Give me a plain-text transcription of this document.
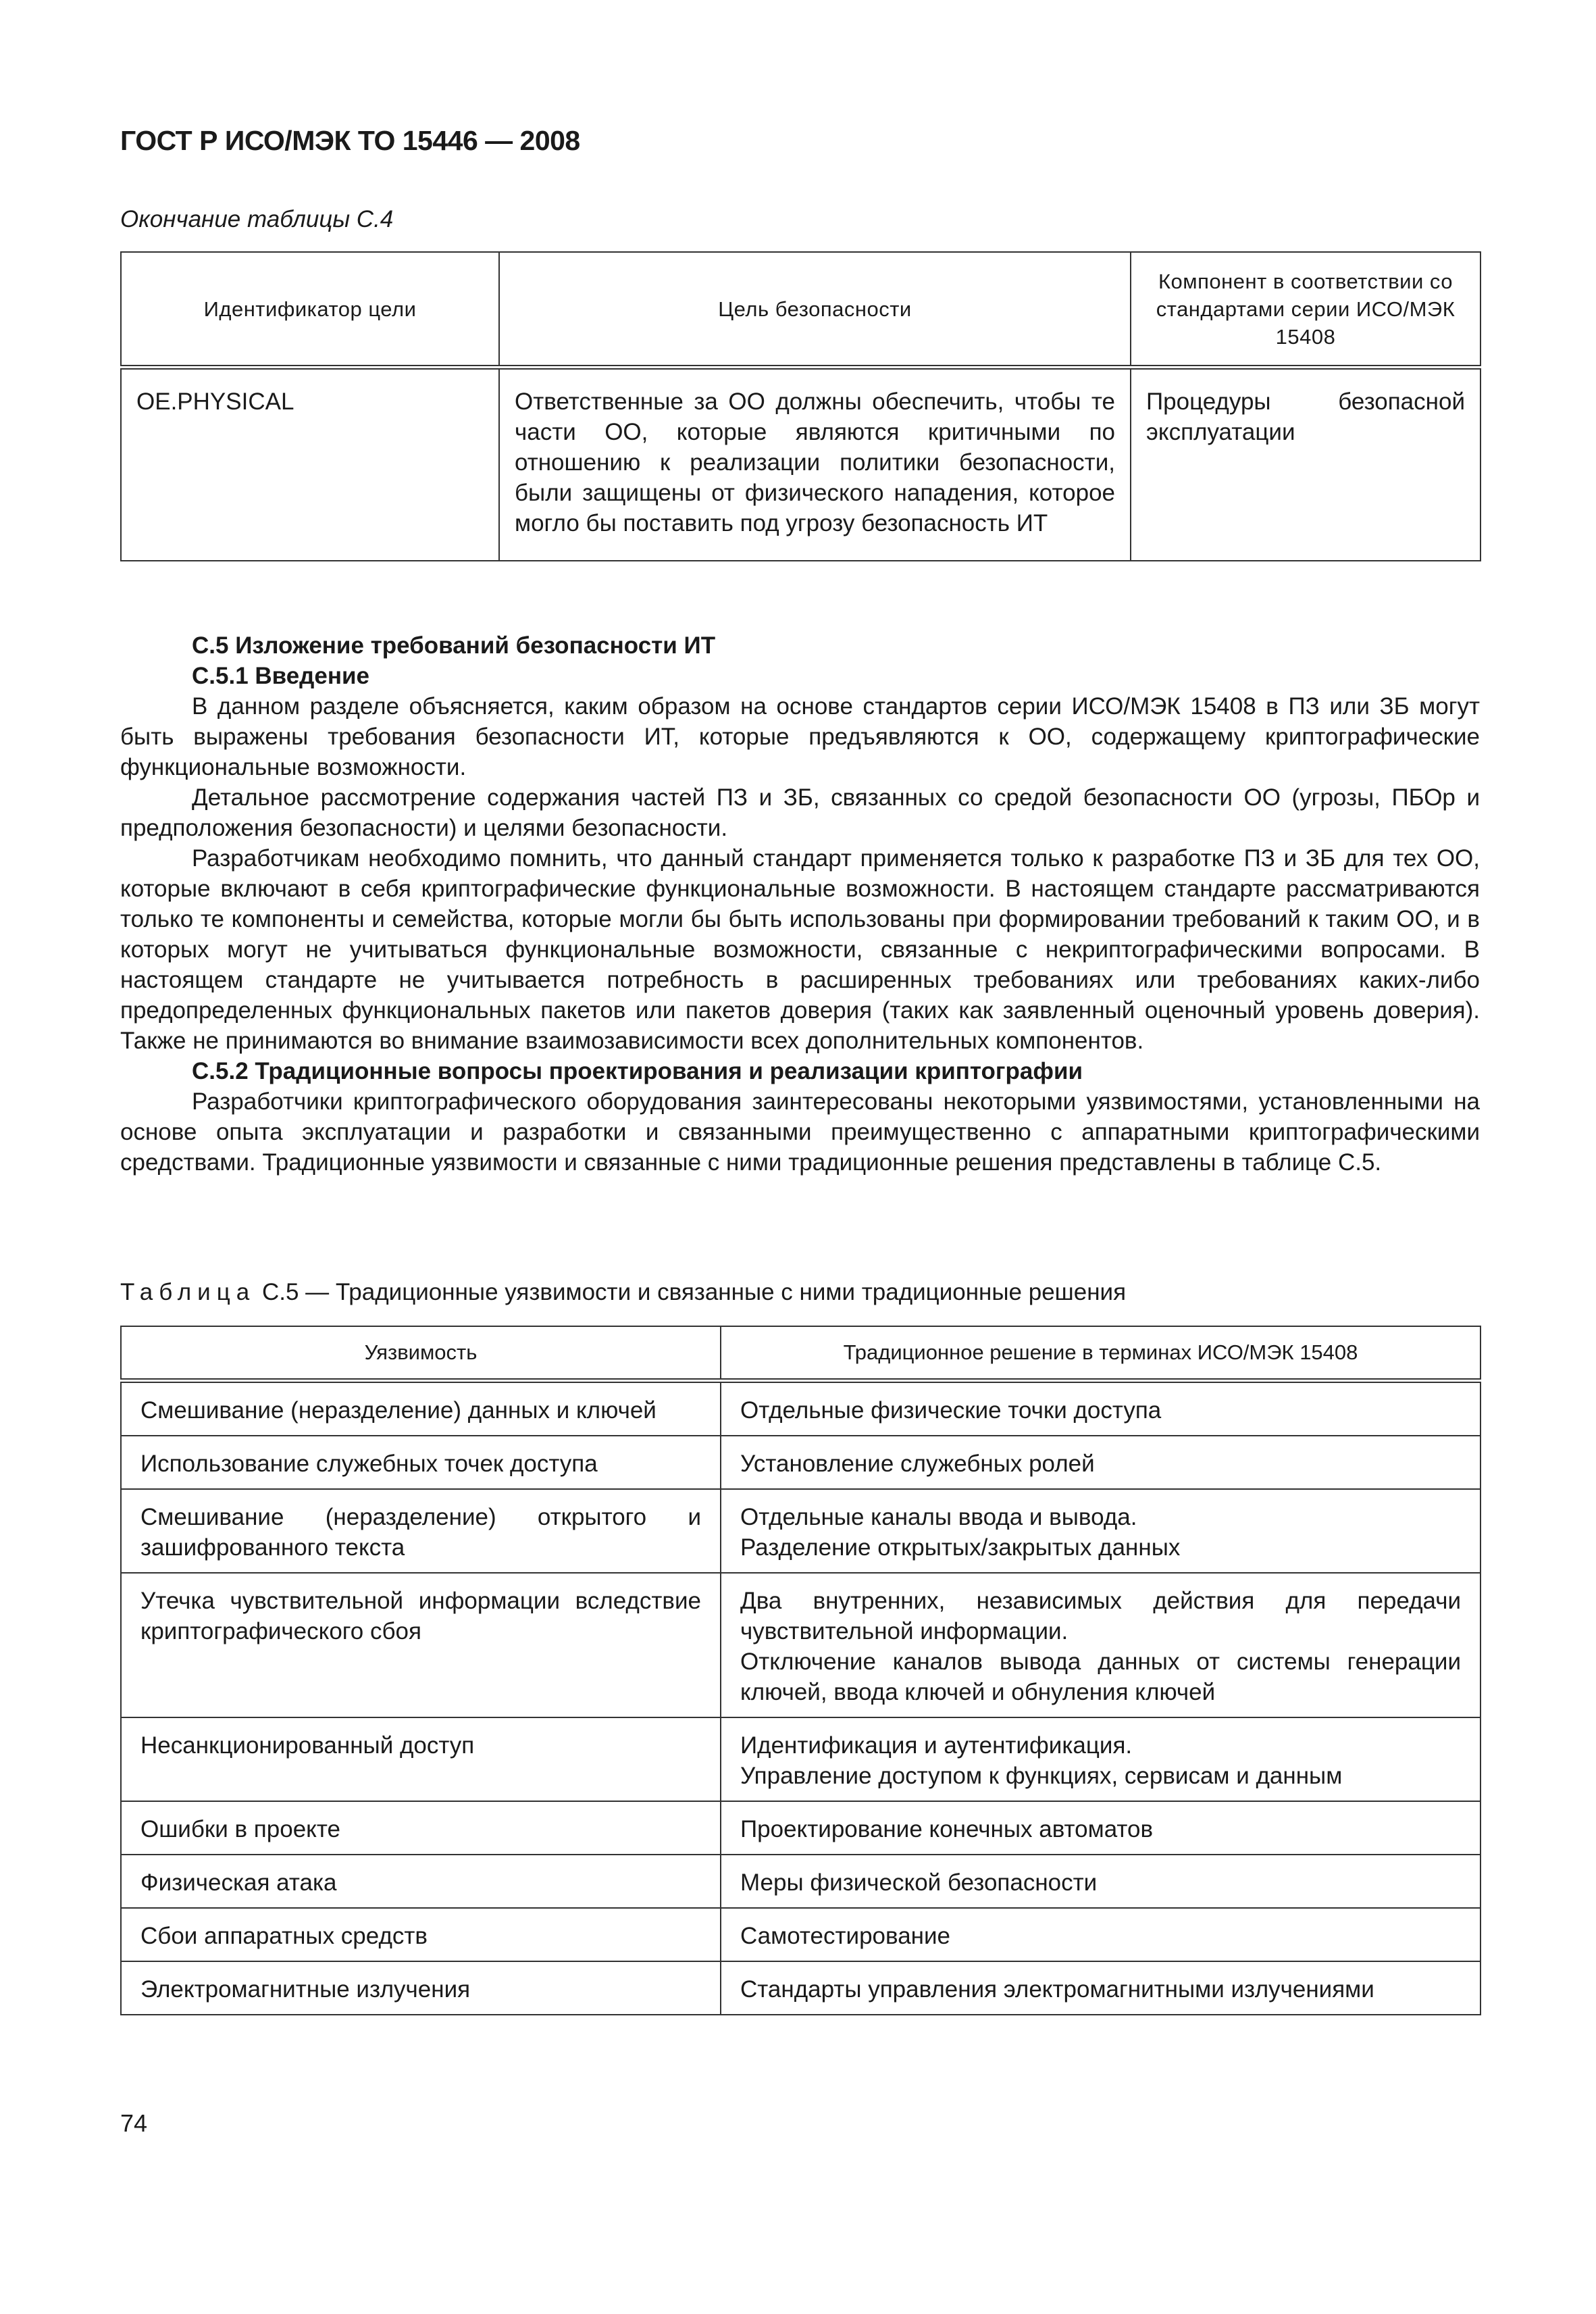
ГОСТ Р ИСО/МЭК ТО 15446 — 2008
Окончание таблицы С.4
Идентификатор цели	Цель безопасности	Компонент в соответствии со стандартами серии ИСО/МЭК 15408
OE.PHYSICAL	Ответственные за ОО должны обеспечить, чтобы те части ОО, которые являются критичными по отношению к реализации политики безопасности, были защищены от физического нападения, которое могло бы поставить под угрозу безопасность ИТ	Процедуры безопасной эксплуатации

С.5 Изложение требований безопасности ИТ

С.5.1 Введение

В данном разделе объясняется, каким образом на основе стандартов серии ИСО/МЭК 15408 в ПЗ или ЗБ могут быть выражены требования безопасности ИТ, которые предъявляются к ОО, содержащему криптографические функциональные возможности.

Детальное рассмотрение содержания частей ПЗ и ЗБ, связанных со средой безопасности ОО (угрозы, ПБОр и предположения безопасности) и целями безопасности.

Разработчикам необходимо помнить, что данный стандарт применяется только к разработке ПЗ и ЗБ для тех ОО, которые включают в себя криптографические функциональные возможности. В настоящем стандарте рассматриваются только те компоненты и семейства, которые могли бы быть использованы при формировании требований к таким ОО, и в которых могут не учитываться функциональные возможности, связанные с некриптографическими вопросами. В настоящем стандарте не учитывается потребность в расширенных требованиях или требованиях каких-либо предопределенных функциональных пакетов или пакетов доверия (таких как заявленный оценочный уровень доверия). Также не принимаются во внимание взаимозависимости всех дополнительных компонентов.

С.5.2 Традиционные вопросы проектирования и реализации криптографии

Разработчики криптографического оборудования заинтересованы некоторыми уязвимостями, установленными на основе опыта эксплуатации и разработки и связанными преимущественно с аппаратными криптографическими средствами. Традиционные уязвимости и связанные с ними традиционные решения представлены в таблице С.5.

Таблица С.5 — Традиционные уязвимости и связанные с ними традиционные решения
Уязвимость	Традиционное решение в терминах ИСО/МЭК 15408
Смешивание (неразделение) данных и ключей	Отдельные физические точки доступа

Использование служебных точек доступа	Установление служебных ролей

Смешивание (неразделение) открытого и зашифрованного текста	Отдельные каналы ввода и вывода.
Разделение открытых/закрытых данных

Утечка чувствительной информации вследствие криптографического сбоя	Два внутренних, независимых действия для передачи чувствительной информации.
Отключение каналов вывода данных от системы генерации ключей, ввода ключей и обнуления ключей

Несанкционированный доступ	Идентификация и аутентификация.
Управление доступом к функциях, сервисам и данным

Ошибки в проекте	Проектирование конечных автоматов

Физическая атака	Меры физической безопасности

Сбои аппаратных средств	Самотестирование

Электромагнитные излучения	Стандарты управления электромагнитными излучениями
74
